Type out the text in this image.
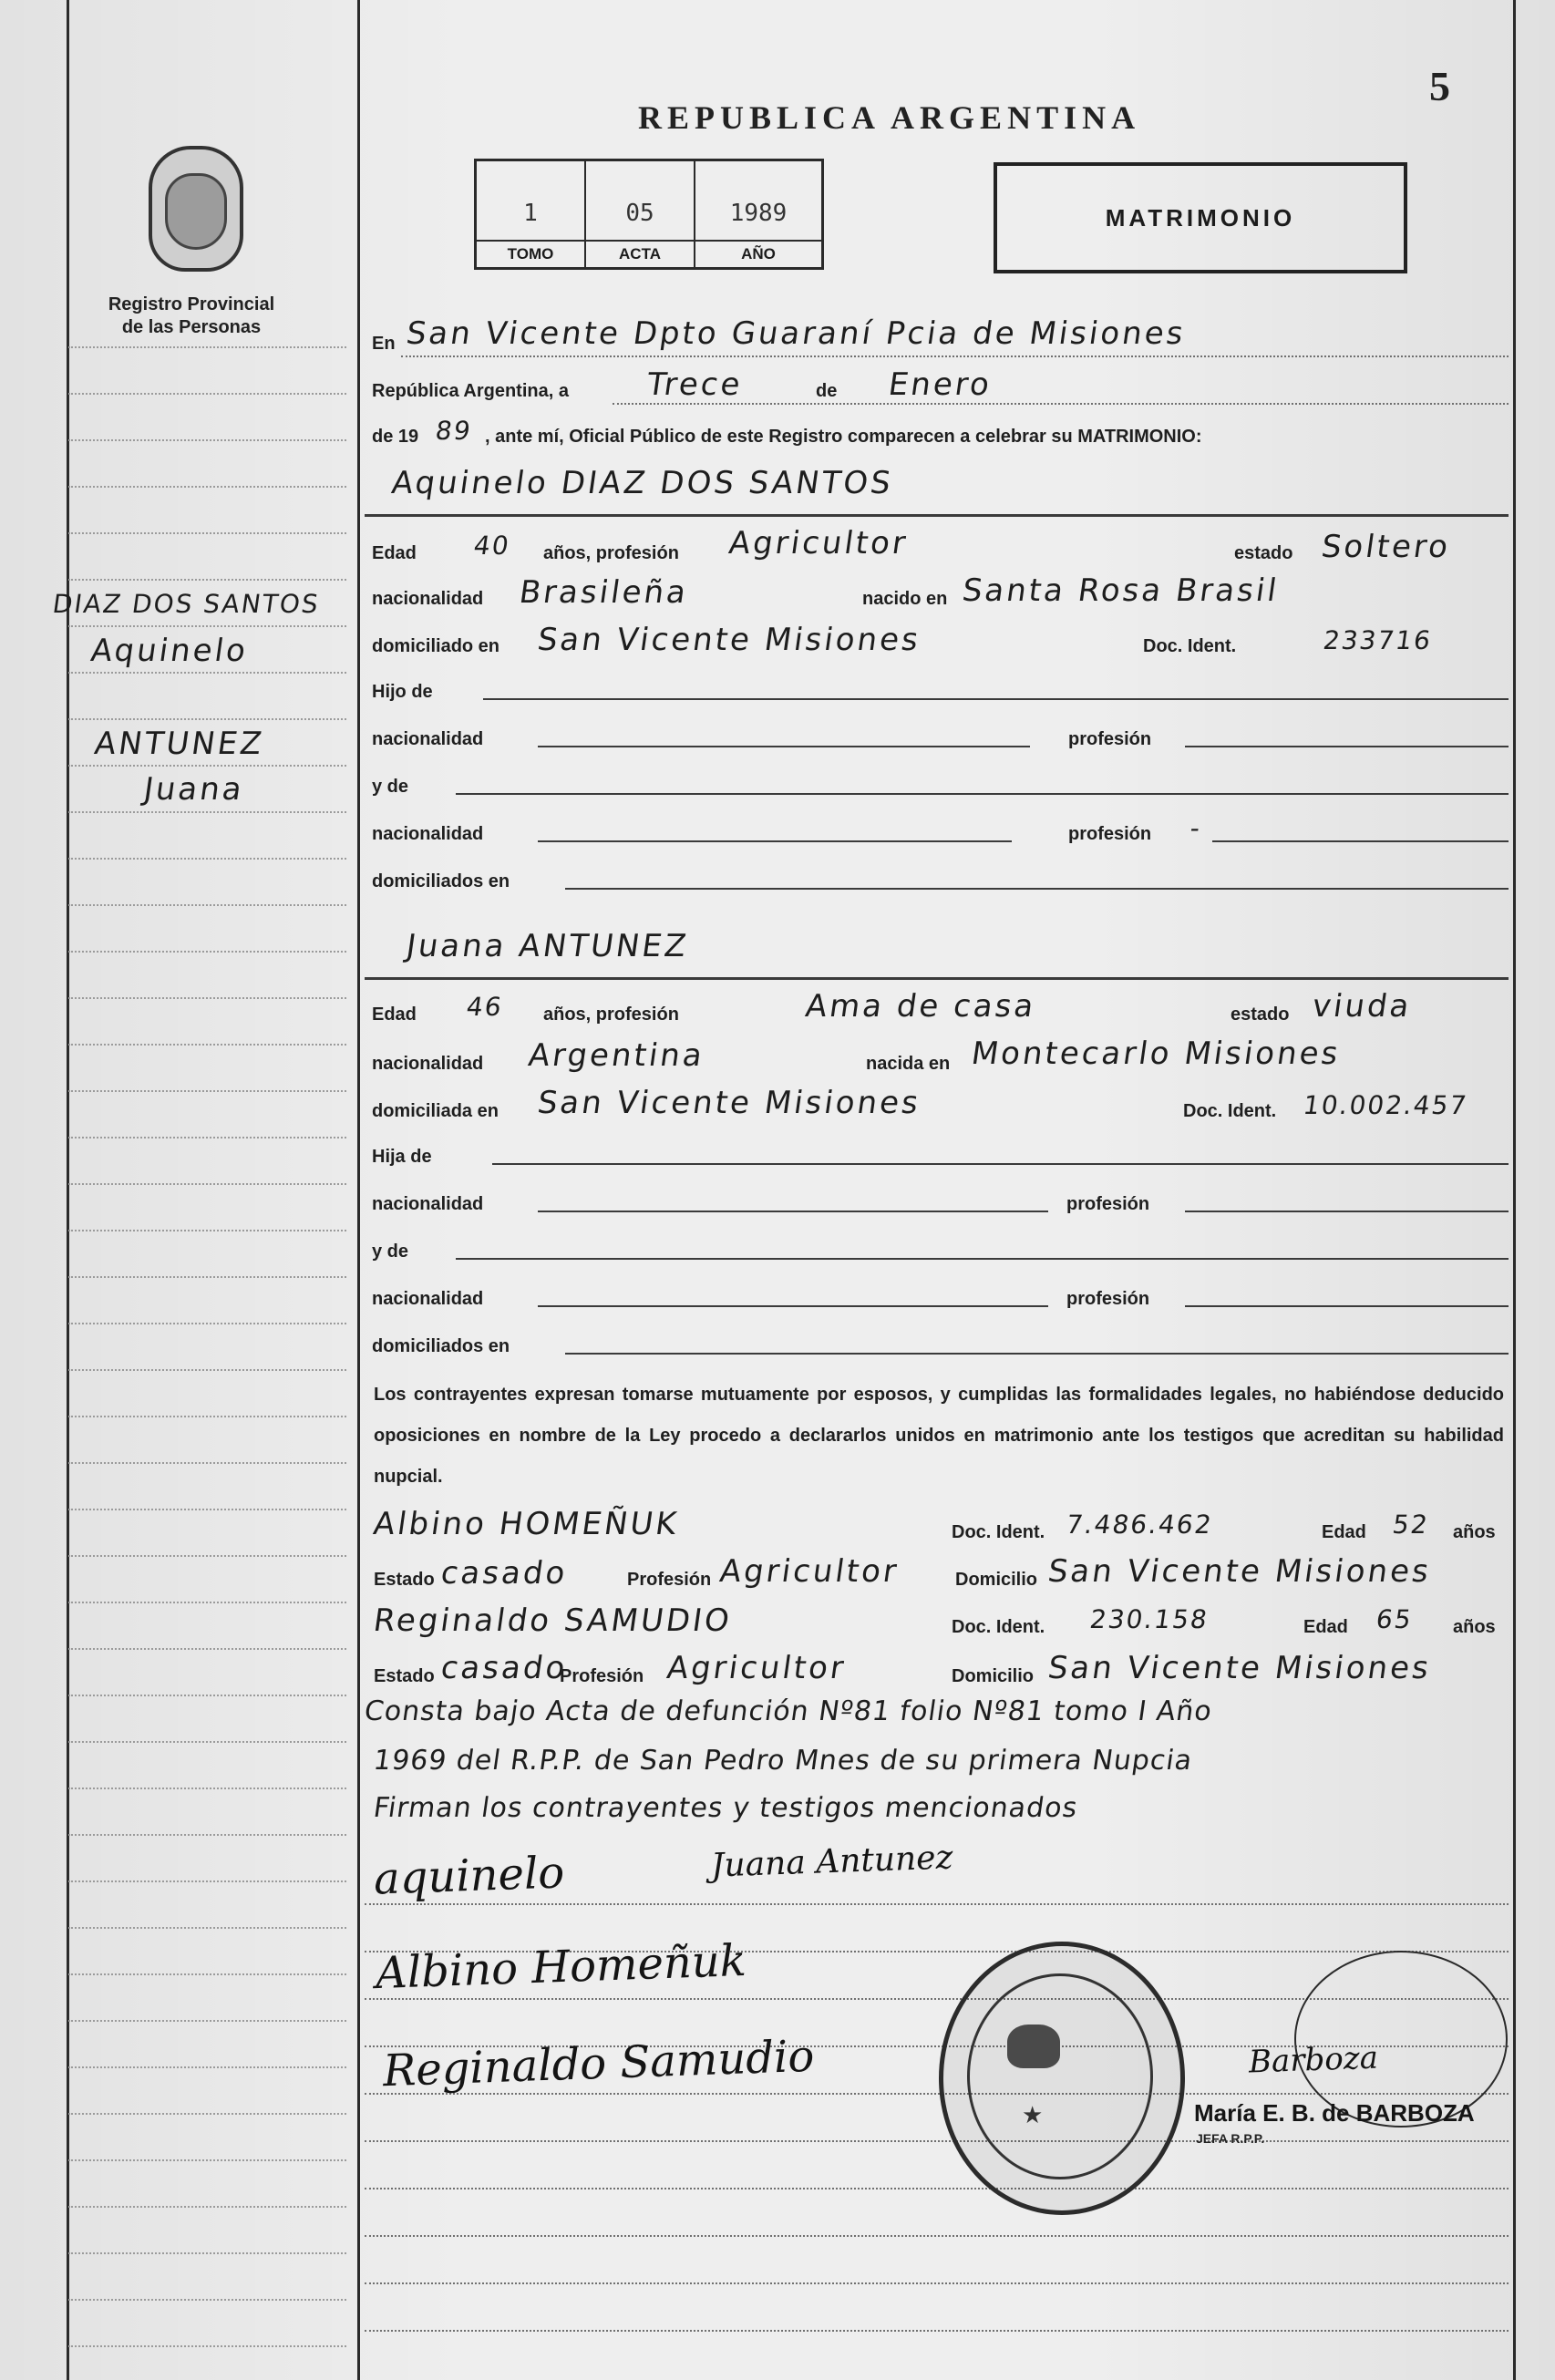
5
REPUBLICA ARGENTINA
Registro Provincial
de las Personas
1
TOMO
05
ACTA
1989
AÑO
MATRIMONIO
DIAZ DOS SANTOS
Aquinelo
ANTUNEZ
Juana
En San Vicente Dpto Guaraní Pcia de Misiones
República Argentina, a Trece	de Enero
de 19 89 , ante mí, Oficial Público de este Registro comparecen a celebrar su MATRIMONIO:
Aquinelo DIAZ DOS SANTOS
Edad 40 años, profesión Agricultor	estado Soltero
nacionalidad Brasileña	nacido en Santa Rosa Brasil
domiciliado en San Vicente Misiones	Doc. Ident.	233716
Hijo de
nacionalidad	profesión
y de
nacionalidad	profesión -
domiciliados en
Juana ANTUNEZ
Edad 46 años, profesión	Ama de casa	estado viuda
nacionalidad Argentina	nacida en Montecarlo Misiones
domiciliada en San Vicente Misiones	Doc. Ident. 10.002.457
Hija de
nacionalidad	profesión
y de
nacionalidad	profesión
domiciliados en
Los contrayentes expresan tomarse mutuamente por esposos, y cumplidas las formalidades legales, no habiéndose deducido oposiciones en nombre de la Ley procedo a declararlos unidos en matrimonio ante los testigos que acreditan su habilidad nupcial.
Albino HOMEÑUK	Doc. Ident. 7.486.462	Edad 52 años
Estado casado	Profesión Agricultor	Domicilio San Vicente Misiones
Reginaldo SAMUDIO	Doc. Ident. 230.158	Edad 65 años
Estado casado
Profesión Agricultor	Domicilio San Vicente Misiones
Consta bajo Acta de defunción Nº81 folio Nº81 tomo I Año
1969 del R.P.P. de San Pedro Mnes de su primera Nupcia
Firman los contrayentes y testigos mencionados
aquinelo	Juana Antunez
Albino Homeñuk
Reginaldo Samudio
★
Barboza
María E. B. de BARBOZA
JEFA R.P.P.
